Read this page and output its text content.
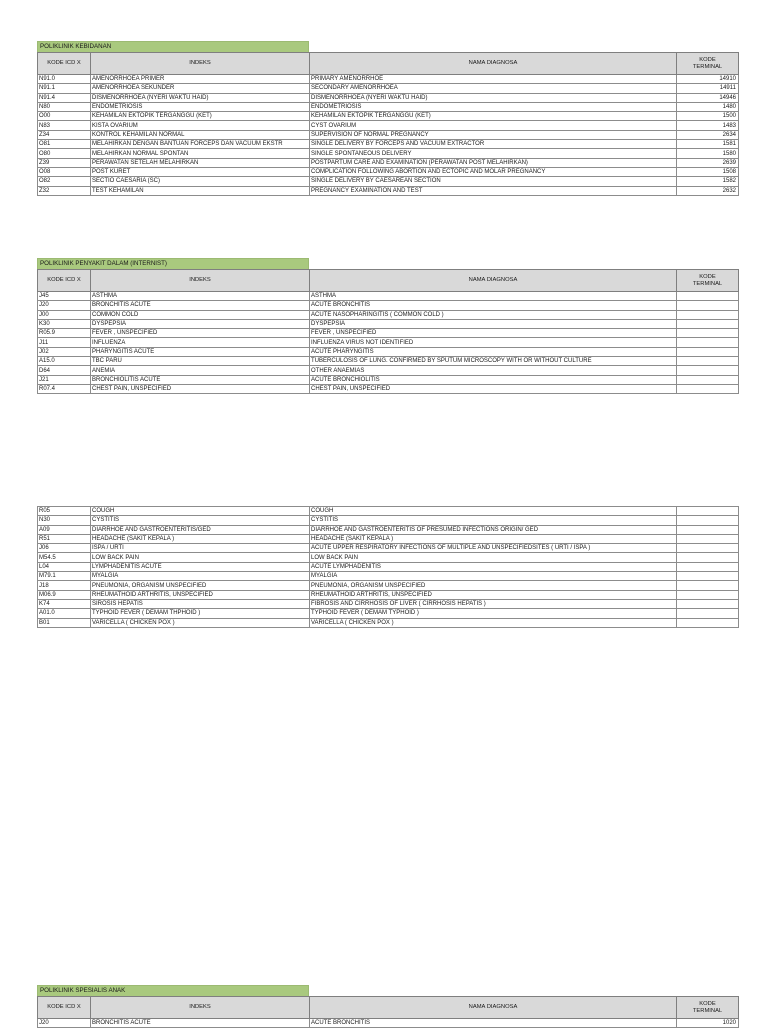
POLIKLINIK KEBIDANAN
KODE ICD X	INDEKS	NAMA DIAGNOSA	KODE
TERMINAL

N91.0	AMENORRHOEA PRIMER	PRIMARY AMENORRHOE	14910
N91.1	AMENORRHOEA SEKUNDER	SECONDARY AMENORRHOEA	14911
N91.4	DISMENORRHOEA (NYERI WAKTU HAID)	DISMENORRHOEA (NYERI WAKTU HAID)	14946
N80	ENDOMETRIOSIS	ENDOMETRIOSIS	1480
O00	KEHAMILAN EKTOPIK TERGANGGU (KET)	KEHAMILAN EKTOPIK TERGANGGU (KET)	1500
N83	KISTA OVARIUM	CYST OVARIUM	1483
Z34	KONTROL KEHAMILAN NORMAL	SUPERVISION OF NORMAL PREGNANCY	2634
O81	MELAHIRKAN DENGAN BANTUAN FORCEPS DAN VACUUM EKSTR	SINGLE DELIVERY BY FORCEPS AND VACUUM EXTRACTOR	1581
O80	MELAHIRKAN NORMAL SPONTAN	SINGLE SPONTANEOUS DELIVERY	1580
Z39	PERAWATAN SETELAH MELAHIRKAN	POSTPARTUM CARE AND EXAMINATION (PERAWATAN POST MELAHIRKAN)	2639
O08	POST KURET	COMPLICATION FOLLOWING ABORTION AND ECTOPIC AND MOLAR PREGNANCY	1508
O82	SECTIO CAESARIA (SC)	SINGLE DELIVERY BY CAESAREAN SECTION	1582
Z32	TEST KEHAMILAN	PREGNANCY EXAMINATION AND TEST	2632
POLIKLINIK PENYAKIT DALAM (INTERNIST)
KODE ICD X	INDEKS	NAMA DIAGNOSA	KODE
TERMINAL

J45	ASTHMA	ASTHMA	
J20	BRONCHITIS ACUTE	ACUTE BRONCHITIS	
J00	COMMON COLD	ACUTE NASOPHARINGITIS ( COMMON COLD )	
K30	DYSPEPSIA	DYSPEPSIA	
R05.9	FEVER , UNSPECIFIED	FEVER , UNSPECIFIED	
J11	INFLUENZA	INFLUENZA VIRUS NOT IDENTIFIED	
J02	PHARYNGITIS ACUTE	ACUTE PHARYNGITIS	
A15.0	TBC PARU	TUBERCULOSIS OF LUNG. CONFIRMED BY SPUTUM MICROSCOPY WITH OR WITHOUT CULTURE	
D64	ANEMIA	OTHER ANAEMIAS	
J21	BRONCHIOLITIS ACUTE	ACUTE BRONCHIOLITIS	
R07.4	CHEST PAIN, UNSPECIFIED	CHEST PAIN, UNSPECIFIED	
R05	COUGH	COUGH	
N30	CYSTITIS	CYSTITIS	
A09	DIARRHOE AND GASTROENTERITIS/GED	DIARRHOE AND GASTROENTERITIS OF PRESUMED INFECTIONS ORIGIN/ GED	
R51	HEADACHE (SAKIT KEPALA )	HEADACHE (SAKIT KEPALA )	
J06	ISPA / URTI	ACUTE UPPER RESPIRATORY INFECTIONS OF MULTIPLE AND UNSPECIFIEDSITES ( URTI / ISPA )	
M54.5	LOW BACK PAIN	LOW BACK PAIN	
L04	LYMPHADENITIS ACUTE	ACUTE LYMPHADENITIS	
M79.1	MYALGIA	MYALGIA	
J18	PNEUMONIA, ORGANISM UNSPECIFIED	PNEUMONIA, ORGANISM UNSPECIFIED	
M06.9	RHEUMATHOID ARTHRITIS, UNSPECIFIED	RHEUMATHOID ARTHRITIS, UNSPECIFIED	
K74	SIROSIS HEPATIS	FIBROSIS AND CIRRHOSIS OF LIVER ( CIRRHOSIS HEPATIS )	
A01.0	TYPHOID FEVER ( DEMAM THPHOID )	TYPHOID FEVER ( DEMAM TYPHOID )	
B01	VARICELLA ( CHICKEN POX )	VARICELLA ( CHICKEN POX )	
POLIKLINIK SPESIALIS ANAK
KODE ICD X	INDEKS	NAMA DIAGNOSA	KODE
TERMINAL

J20	BRONCHITIS ACUTE	ACUTE BRONCHITIS	1020
